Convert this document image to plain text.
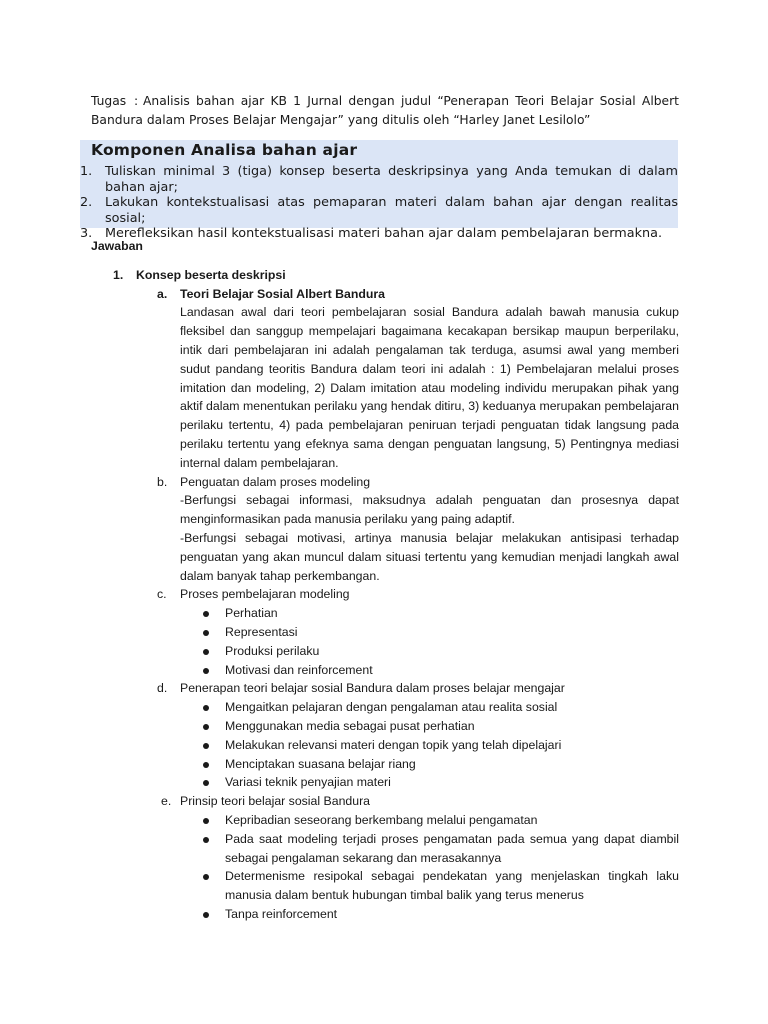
Tugas : Analisis bahan ajar KB 1 Jurnal dengan judul “Penerapan Teori Belajar Sosial Albert Bandura dalam Proses Belajar Mengajar” yang ditulis oleh “Harley Janet Lesilolo”
Komponen Analisa bahan ajar
1. Tuliskan minimal 3 (tiga) konsep beserta deskripsinya yang Anda temukan di dalam bahan ajar;
2. Lakukan kontekstualisasi atas pemaparan materi dalam bahan ajar dengan realitas sosial;
3. Merefleksikan hasil kontekstualisasi materi bahan ajar dalam pembelajaran bermakna.
Jawaban
1. Konsep beserta deskripsi
a. Teori Belajar Sosial Albert Bandura
Landasan awal dari teori pembelajaran sosial Bandura adalah bawah manusia cukup fleksibel dan sanggup mempelajari bagaimana kecakapan bersikap maupun berperilaku, intik dari pembelajaran ini adalah pengalaman tak terduga, asumsi awal yang memberi sudut pandang teoritis Bandura dalam teori ini adalah : 1) Pembelajaran melalui proses imitation dan modeling, 2) Dalam imitation atau modeling individu merupakan pihak yang aktif dalam menentukan perilaku yang hendak ditiru, 3) keduanya merupakan pembelajaran perilaku tertentu, 4) pada pembelajaran peniruan terjadi penguatan tidak langsung pada perilaku tertentu yang efeknya sama dengan penguatan langsung, 5) Pentingnya mediasi internal dalam pembelajaran.
b. Penguatan dalam proses modeling
-Berfungsi sebagai informasi, maksudnya adalah penguatan dan prosesnya dapat menginformasikan pada manusia perilaku yang paing adaptif.
-Berfungsi sebagai motivasi, artinya manusia belajar melakukan antisipasi terhadap penguatan yang akan muncul dalam situasi tertentu yang kemudian menjadi langkah awal dalam banyak tahap perkembangan.
c. Proses pembelajaran modeling
Perhatian
Representasi
Produksi perilaku
Motivasi dan reinforcement
d. Penerapan teori belajar sosial Bandura dalam proses belajar mengajar
Mengaitkan pelajaran dengan pengalaman atau realita sosial
Menggunakan media sebagai pusat perhatian
Melakukan relevansi materi dengan topik yang telah dipelajari
Menciptakan suasana belajar riang
Variasi teknik penyajian materi
e. Prinsip teori belajar sosial Bandura
Kepribadian seseorang berkembang melalui pengamatan
Pada saat modeling terjadi proses pengamatan pada semua yang dapat diambil sebagai pengalaman sekarang dan merasakannya
Determenisme resipokal sebagai pendekatan yang menjelaskan tingkah laku manusia dalam bentuk hubungan timbal balik yang terus menerus
Tanpa reinforcement
